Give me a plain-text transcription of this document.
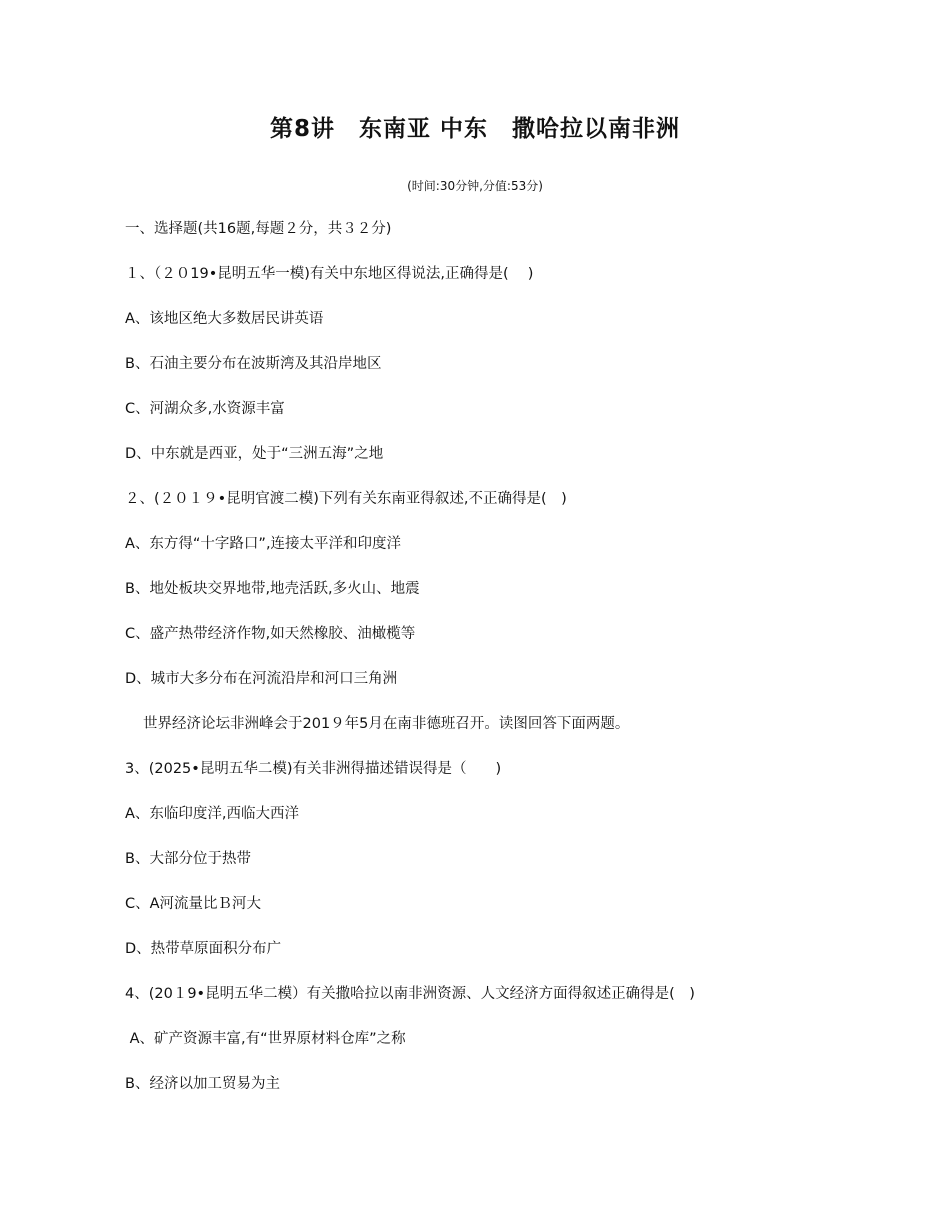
第8讲　东南亚 中东　撒哈拉以南非洲
(时间:30分钟,分值:53分)
一、选择题(共16题,每题２分，共３２分)
１、（２０19•昆明五华一模)有关中东地区得说法,正确得是(　 )
A、该地区绝大多数居民讲英语
B、石油主要分布在波斯湾及其沿岸地区
C、河湖众多,水资源丰富
D、中东就是西亚，处于“三洲五海”之地
２、(２０１９•昆明官渡二模)下列有关东南亚得叙述,不正确得是(　)
A、东方得“十字路口”,连接太平洋和印度洋
B、地处板块交界地带,地壳活跃,多火山、地震
C、盛产热带经济作物,如天然橡胶、油橄榄等
D、城市大多分布在河流沿岸和河口三角洲
世界经济论坛非洲峰会于201９年5月在南非德班召开。读图回答下面两题。
3、(2025•昆明五华二模)有关非洲得描述错误得是（　　)
A、东临印度洋,西临大西洋
B、大部分位于热带
C、A河流量比Ｂ河大
D、热带草原面积分布广
4、(20１9•昆明五华二模）有关撒哈拉以南非洲资源、人文经济方面得叙述正确得是(　)
A、矿产资源丰富,有“世界原材料仓库”之称
B、经济以加工贸易为主
